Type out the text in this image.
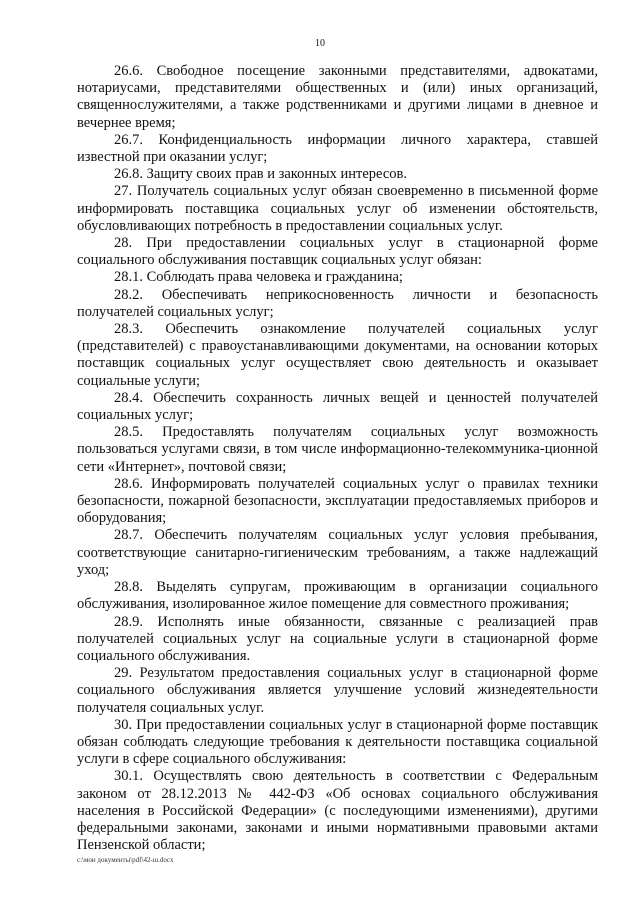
10

26.6. Свободное посещение законными представителями, адвокатами, нотариусами, представителями общественных и (или) иных организаций, священнослужителями, а также родственниками и другими лицами в дневное и вечернее время;

26.7. Конфиденциальность информации личного характера, ставшей известной при оказании услуг;

26.8. Защиту своих прав и законных интересов.

27. Получатель социальных услуг обязан своевременно в письменной форме информировать поставщика социальных услуг об изменении обстоятельств, обусловливающих потребность в предоставлении социальных услуг.

28. При предоставлении социальных услуг в стационарной форме социального обслуживания поставщик социальных услуг обязан:

28.1. Соблюдать права человека и гражданина;

28.2. Обеспечивать неприкосновенность личности и безопасность получателей социальных услуг;

28.3. Обеспечить ознакомление получателей социальных услуг (представителей) с правоустанавливающими документами, на основании которых поставщик социальных услуг осуществляет свою деятельность и оказывает социальные услуги;

28.4. Обеспечить сохранность личных вещей и ценностей получателей социальных услуг;

28.5. Предоставлять получателям социальных услуг возможность пользоваться услугами связи, в том числе информационно-телекоммуника-ционной сети «Интернет», почтовой связи;

28.6. Информировать получателей социальных услуг о правилах техники безопасности, пожарной безопасности, эксплуатации предоставляемых приборов и оборудования;

28.7. Обеспечить получателям социальных услуг условия пребывания, соответствующие санитарно-гигиеническим требованиям, а также надлежащий уход;

28.8. Выделять супругам, проживающим в организации социального обслуживания, изолированное жилое помещение для совместного проживания;

28.9. Исполнять иные обязанности, связанные с реализацией прав получателей социальных услуг на социальные услуги в стационарной форме социального обслуживания.

29. Результатом предоставления социальных услуг в стационарной форме социального обслуживания является улучшение условий жизнедеятельности получателя социальных услуг.

30. При предоставлении социальных услуг в стационарной форме поставщик обязан соблюдать следующие требования к деятельности поставщика социальной услуги в сфере социального обслуживания:

30.1. Осуществлять свою деятельность в соответствии с Федеральным законом от 28.12.2013 № 442-ФЗ «Об основах социального обслуживания населения в Российской Федерации» (с последующими изменениями), другими федеральными законами, законами и иными нормативными правовыми актами Пензенской области;

c:\мои документы\pdf\42-ш.docx
